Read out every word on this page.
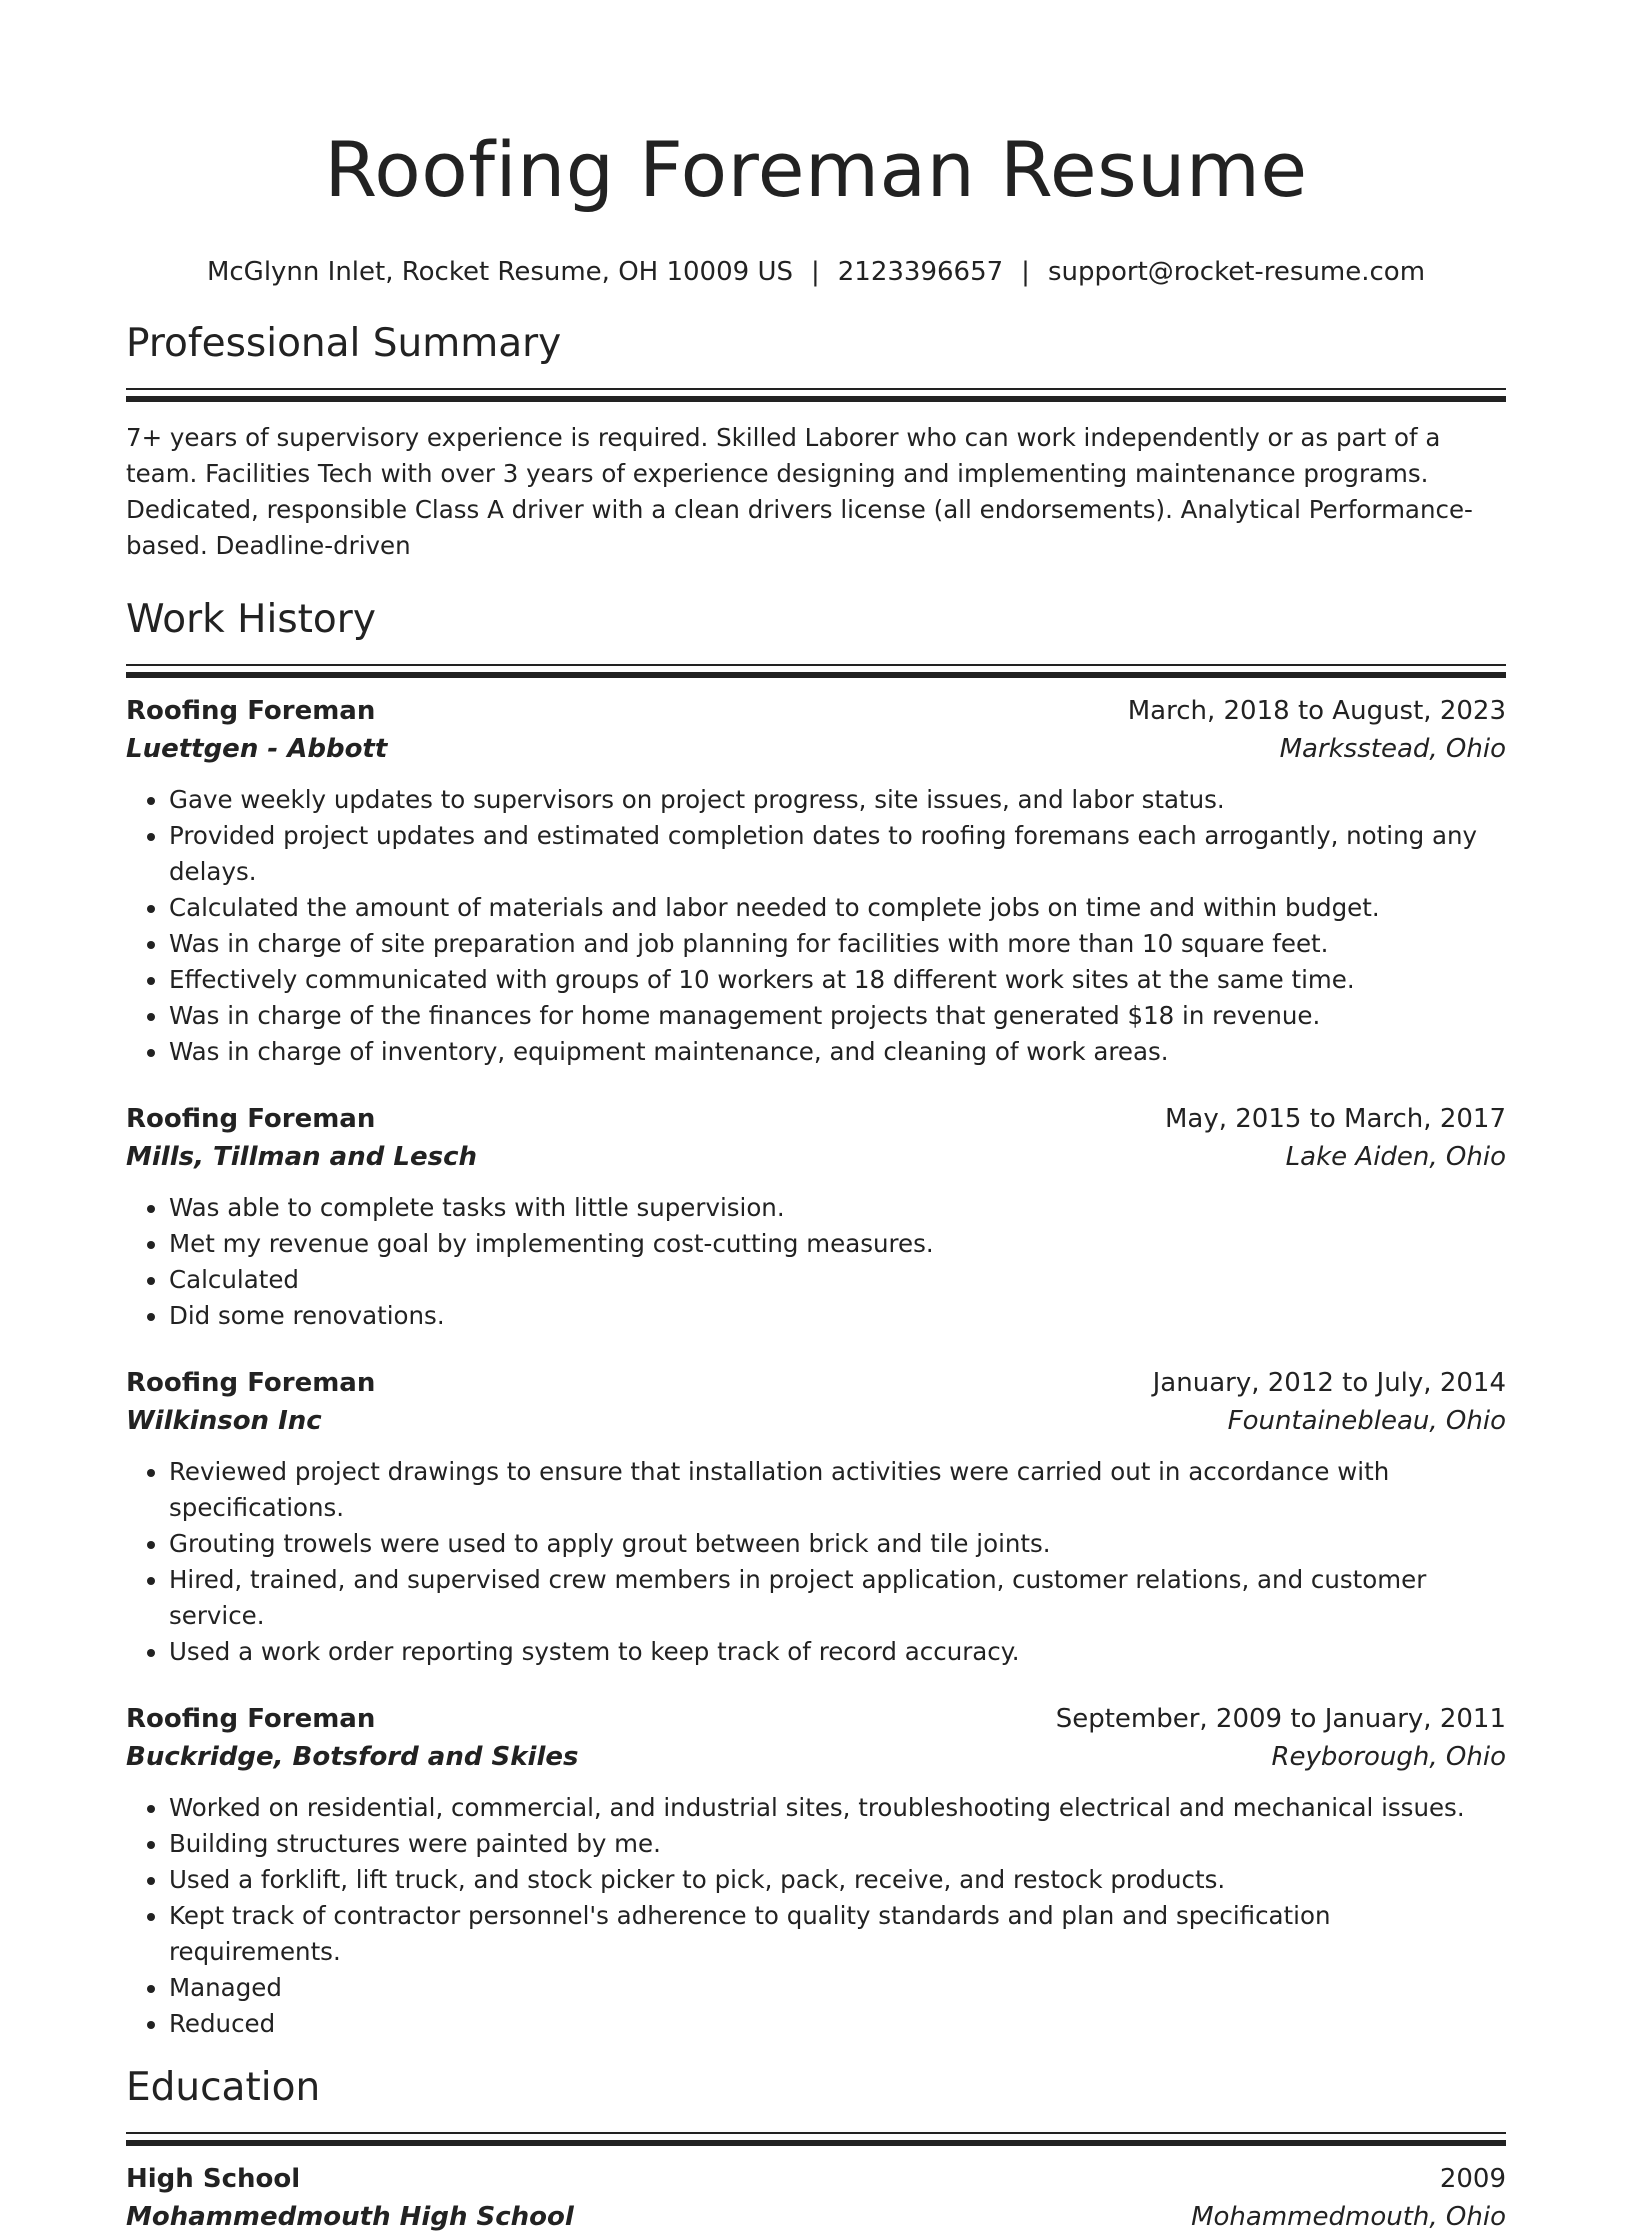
Roofing Foreman Resume
McGlynn Inlet, Rocket Resume, OH 10009 US | 2123396657 | support@rocket-resume.com
Professional Summary
7+ years of supervisory experience is required. Skilled Laborer who can work independently or as part of a team. Facilities Tech with over 3 years of experience designing and implementing maintenance programs. Dedicated, responsible Class A driver with a clean drivers license (all endorsements). Analytical Performance-based. Deadline-driven
Work History
Roofing Foreman	March, 2018 to August, 2023
Luettgen - Abbott	Marksstead, Ohio
• Gave weekly updates to supervisors on project progress, site issues, and labor status.
• Provided project updates and estimated completion dates to roofing foremans each arrogantly, noting any delays.
• Calculated the amount of materials and labor needed to complete jobs on time and within budget.
• Was in charge of site preparation and job planning for facilities with more than 10 square feet.
• Effectively communicated with groups of 10 workers at 18 different work sites at the same time.
• Was in charge of the finances for home management projects that generated $18 in revenue.
• Was in charge of inventory, equipment maintenance, and cleaning of work areas.
Roofing Foreman	May, 2015 to March, 2017
Mills, Tillman and Lesch	Lake Aiden, Ohio
• Was able to complete tasks with little supervision.
• Met my revenue goal by implementing cost-cutting measures.
• Calculated
• Did some renovations.
Roofing Foreman	January, 2012 to July, 2014
Wilkinson Inc	Fountainebleau, Ohio
• Reviewed project drawings to ensure that installation activities were carried out in accordance with specifications.
• Grouting trowels were used to apply grout between brick and tile joints.
• Hired, trained, and supervised crew members in project application, customer relations, and customer service.
• Used a work order reporting system to keep track of record accuracy.
Roofing Foreman	September, 2009 to January, 2011
Buckridge, Botsford and Skiles	Reyborough, Ohio
• Worked on residential, commercial, and industrial sites, troubleshooting electrical and mechanical issues.
• Building structures were painted by me.
• Used a forklift, lift truck, and stock picker to pick, pack, receive, and restock products.
• Kept track of contractor personnel's adherence to quality standards and plan and specification requirements.
• Managed
• Reduced
Education
High School	2009
Mohammedmouth High School	Mohammedmouth, Ohio
